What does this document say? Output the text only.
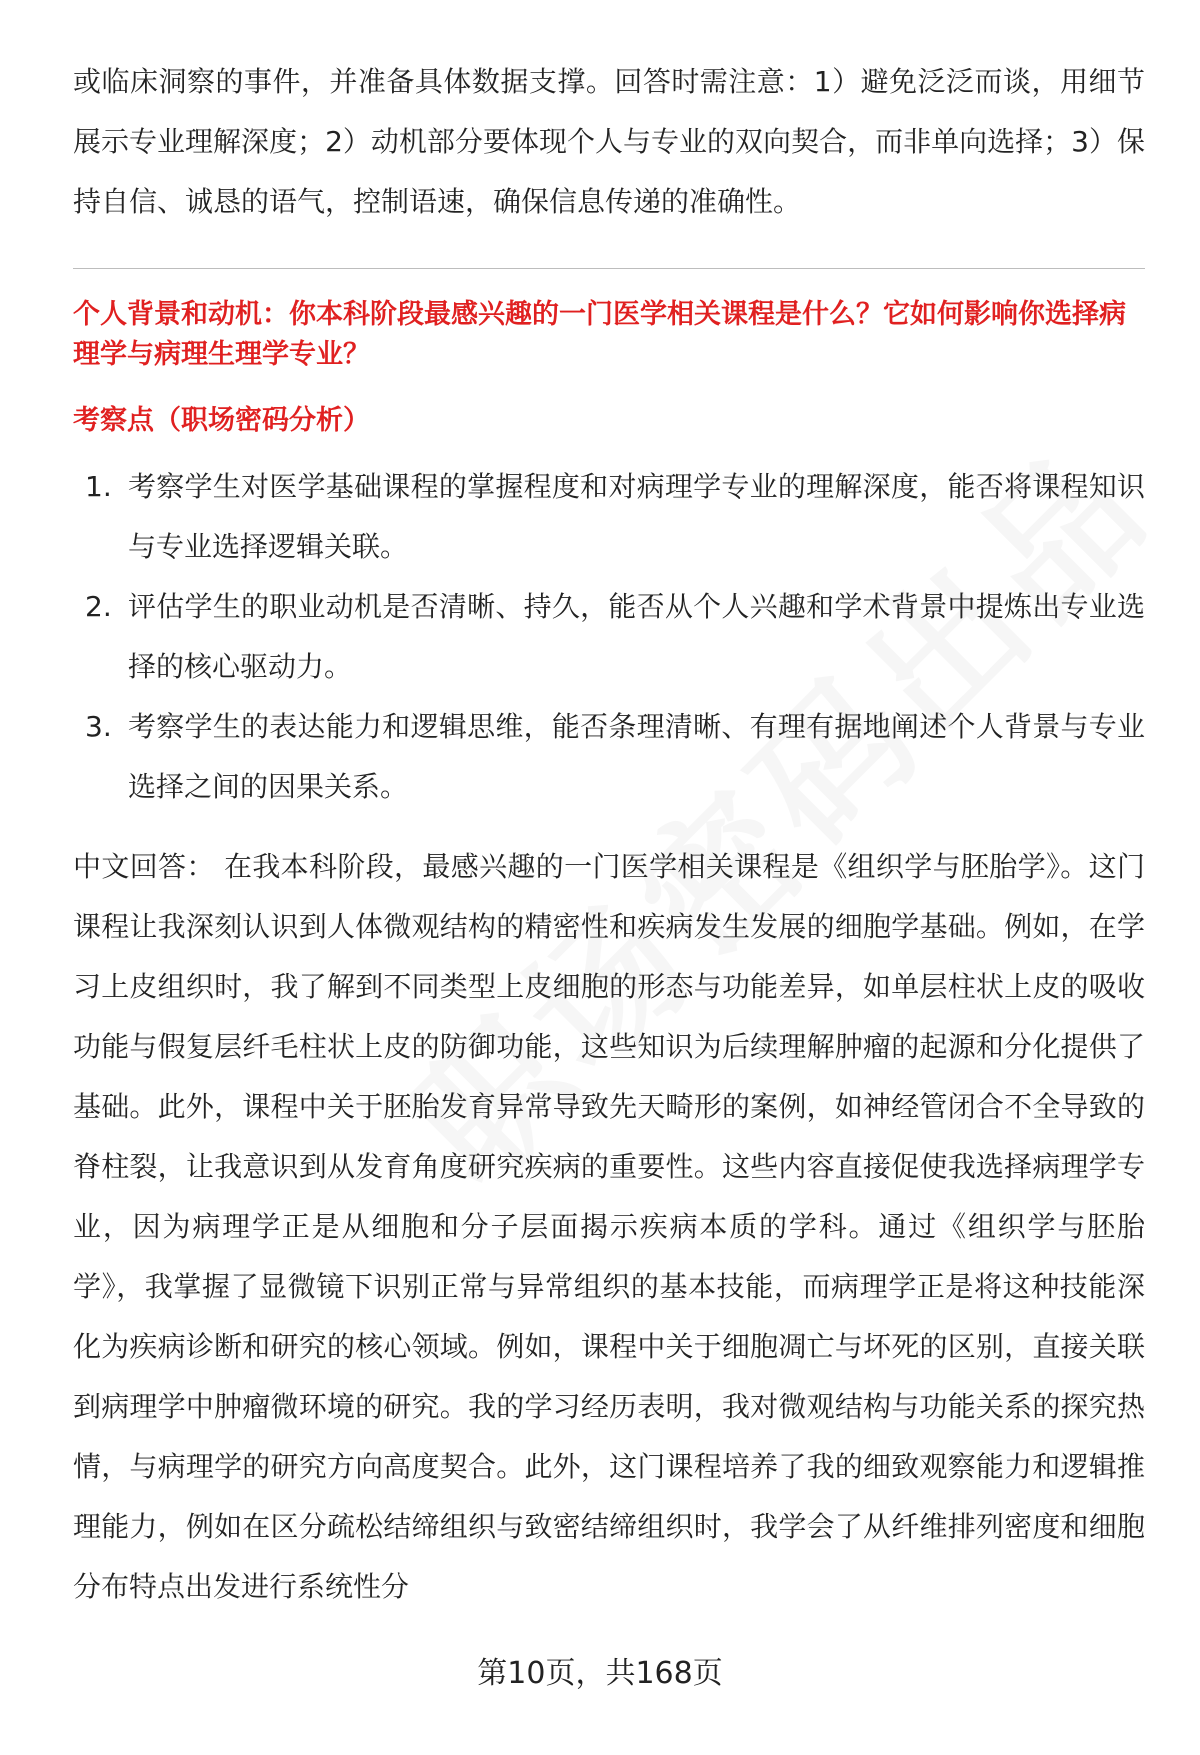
或临床洞察的事件，并准备具体数据支撑。回答时需注意：1）避免泛泛而谈，用细节展示专业理解深度；2）动机部分要体现个人与专业的双向契合，而非单向选择；3）保持自信、诚恳的语气，控制语速，确保信息传递的准确性。

个人背景和动机：你本科阶段最感兴趣的一门医学相关课程是什么？它如何影响你选择病理学与病理生理学专业？

考察点（职场密码分析）

1. 考察学生对医学基础课程的掌握程度和对病理学专业的理解深度，能否将课程知识与专业选择逻辑关联。
2. 评估学生的职业动机是否清晰、持久，能否从个人兴趣和学术背景中提炼出专业选择的核心驱动力。
3. 考察学生的表达能力和逻辑思维，能否条理清晰、有理有据地阐述个人背景与专业选择之间的因果关系。

中文回答： 在我本科阶段，最感兴趣的一门医学相关课程是《组织学与胚胎学》。这门课程让我深刻认识到人体微观结构的精密性和疾病发生发展的细胞学基础。例如，在学习上皮组织时，我了解到不同类型上皮细胞的形态与功能差异，如单层柱状上皮的吸收功能与假复层纤毛柱状上皮的防御功能，这些知识为后续理解肿瘤的起源和分化提供了基础。此外，课程中关于胚胎发育异常导致先天畸形的案例，如神经管闭合不全导致的脊柱裂，让我意识到从发育角度研究疾病的重要性。这些内容直接促使我选择病理学专业，因为病理学正是从细胞和分子层面揭示疾病本质的学科。通过《组织学与胚胎学》，我掌握了显微镜下识别正常与异常组织的基本技能，而病理学正是将这种技能深化为疾病诊断和研究的核心领域。例如，课程中关于细胞凋亡与坏死的区别，直接关联到病理学中肿瘤微环境的研究。我的学习经历表明，我对微观结构与功能关系的探究热情，与病理学的研究方向高度契合。此外，这门课程培养了我的细致观察能力和逻辑推理能力，例如在区分疏松结缔组织与致密结缔组织时，我学会了从纤维排列密度和细胞分布特点出发进行系统性分

第10页，共168页
